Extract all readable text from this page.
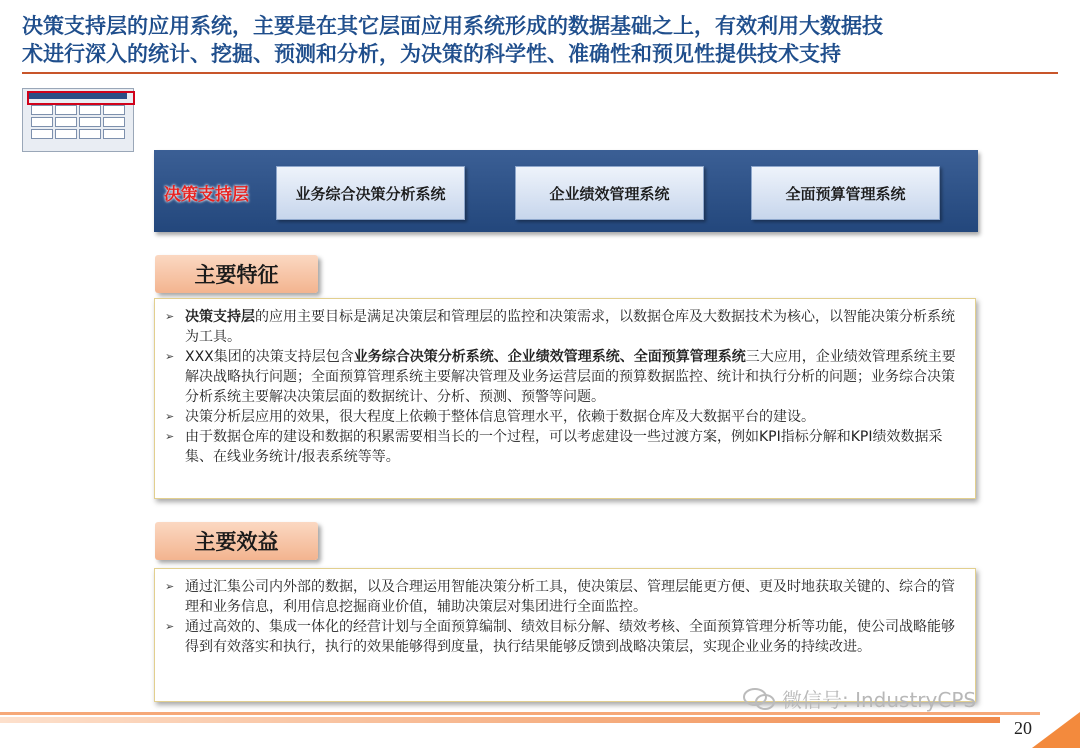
决策支持层的应用系统，主要是在其它层面应用系统形成的数据基础之上，有效利用大数据技
术进行深入的统计、挖掘、预测和分析，为决策的科学性、准确性和预见性提供技术支持
决策支持层	业务综合决策分析系统	企业绩效管理系统	全面预算管理系统
主要特征
➢ 决策支持层的应用主要目标是满足决策层和管理层的监控和决策需求，以数据仓库及大数据技术为核心，以智能决策分析系统为工具。
➢ XXX集团的决策支持层包含业务综合决策分析系统、企业绩效管理系统、全面预算管理系统三大应用，企业绩效管理系统主要解决战略执行问题；全面预算管理系统主要解决管理及业务运营层面的预算数据监控、统计和执行分析的问题；业务综合决策分析系统主要解决决策层面的数据统计、分析、预测、预警等问题。
➢ 决策分析层应用的效果，很大程度上依赖于整体信息管理水平，依赖于数据仓库及大数据平台的建设。
➢ 由于数据仓库的建设和数据的积累需要相当长的一个过程，可以考虑建设一些过渡方案，例如KPI指标分解和KPI绩效数据采集、在线业务统计/报表系统等等。
主要效益
➢ 通过汇集公司内外部的数据，以及合理运用智能决策分析工具，使决策层、管理层能更方便、更及时地获取关键的、综合的管理和业务信息，利用信息挖掘商业价值，辅助决策层对集团进行全面监控。
➢ 通过高效的、集成一体化的经营计划与全面预算编制、绩效目标分解、绩效考核、全面预算管理分析等功能，使公司战略能够得到有效落实和执行，执行的效果能够得到度量，执行结果能够反馈到战略决策层，实现企业业务的持续改进。
微信号: IndustryCPS
20
